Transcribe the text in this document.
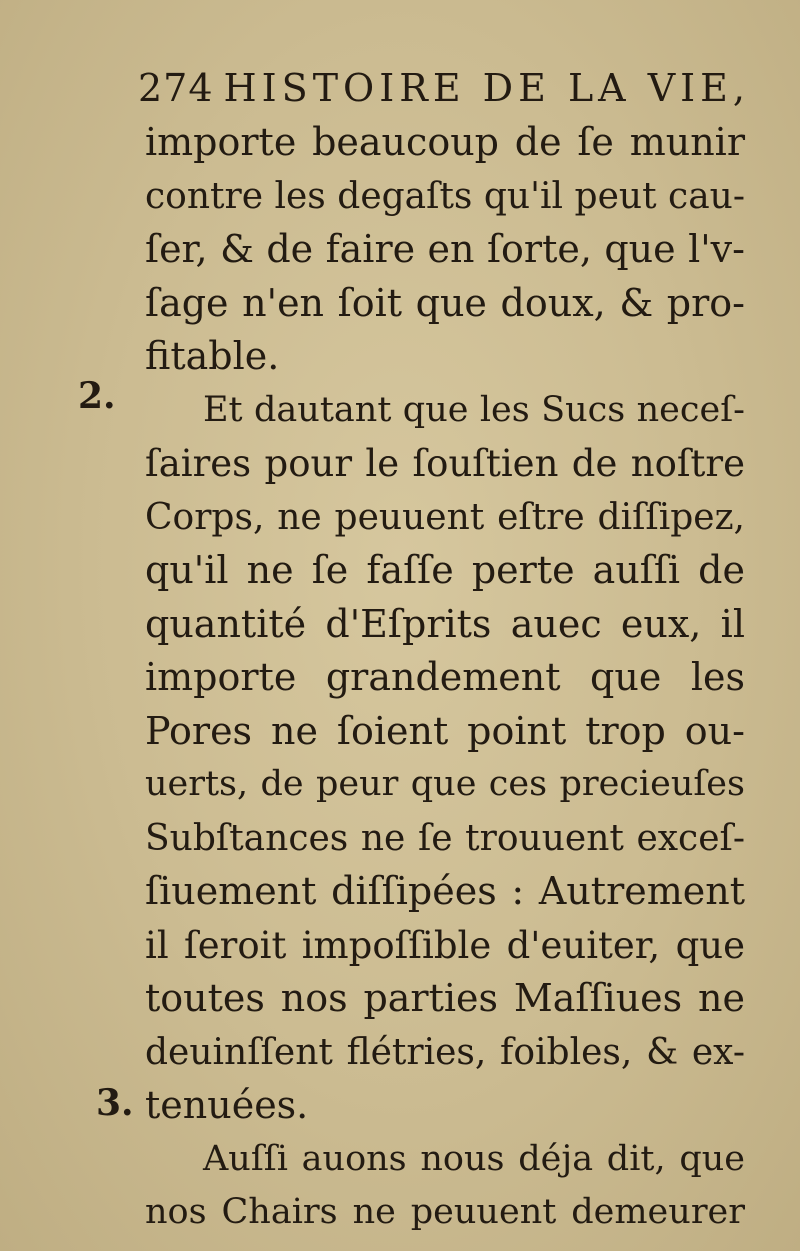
274 HISTOIRE DE LA VIE,
2.
3.
importe beaucoup de ſe munir
contre les degaſts qu'il peut cau-
ſer, & de faire en ſorte, que l'v-
ſage n'en ſoit que doux, & pro-
fitable.
Et dautant que les Sucs neceſ-
ſaires pour le ſouſtien de noſtre
Corps, ne peuuent eſtre diſſipez,
qu'il ne ſe faſſe perte auſſi de
quantité d'Eſprits auec eux, il
importe grandement que les
Pores ne ſoient point trop ou-
uerts, de peur que ces precieuſes
Subſtances ne ſe trouuent exceſ-
ſiuement diſſipées : Autrement
il ſeroit impoſſible d'euiter, que
toutes nos parties Maſſiues ne
deuinſſent flétries, foibles, & ex-
tenuées.
Auſſi auons nous déja dit, que
nos Chairs ne peuuent demeurer
